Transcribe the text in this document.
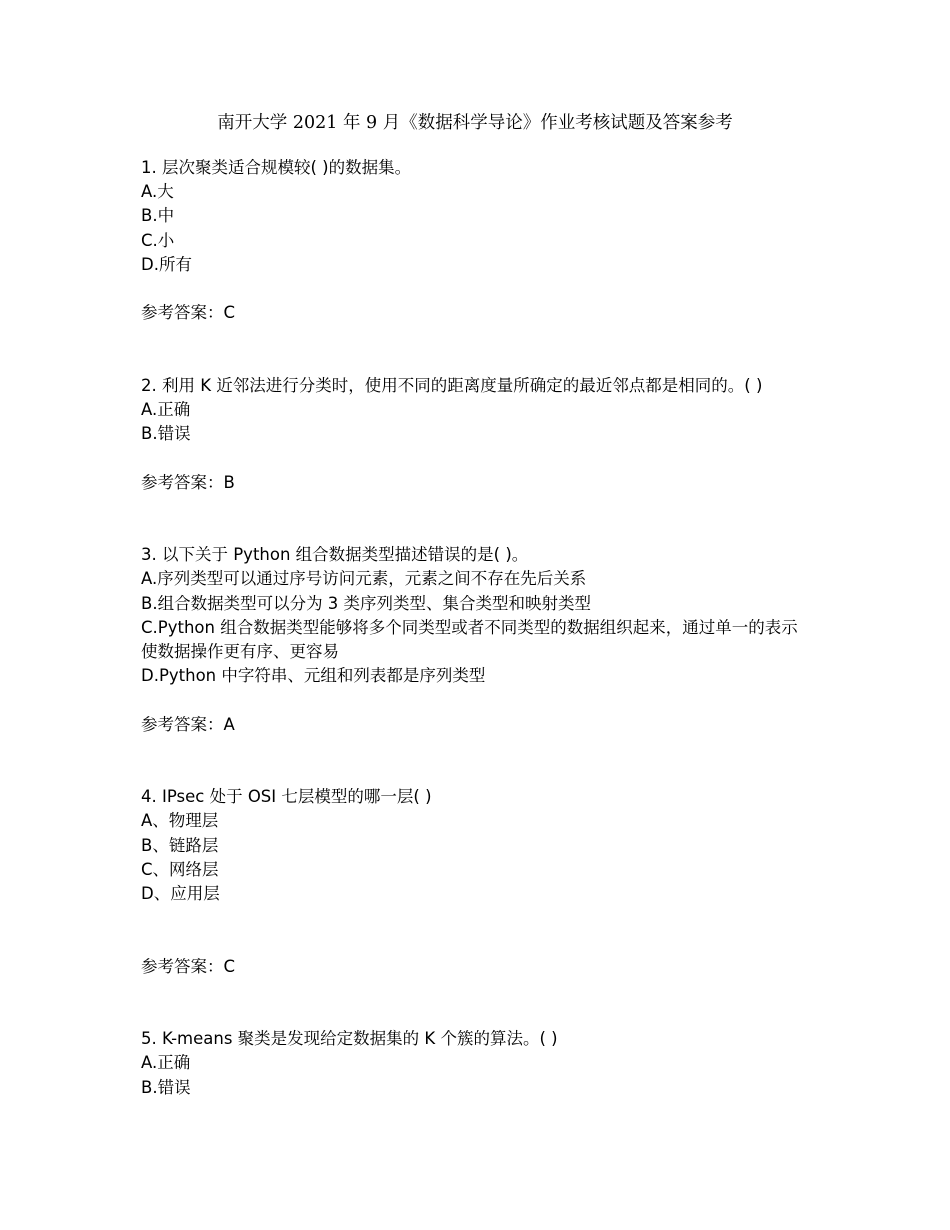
南开大学 2021 年 9 月《数据科学导论》作业考核试题及答案参考
1. 层次聚类适合规模较( )的数据集。
A.大
B.中
C.小
D.所有
参考答案：C
2. 利用 K 近邻法进行分类时，使用不同的距离度量所确定的最近邻点都是相同的。( )
A.正确
B.错误
参考答案：B
3. 以下关于 Python 组合数据类型描述错误的是( )。
A.序列类型可以通过序号访问元素，元素之间不存在先后关系
B.组合数据类型可以分为 3 类序列类型、集合类型和映射类型
C.Python 组合数据类型能够将多个同类型或者不同类型的数据组织起来，通过单一的表示使数据操作更有序、更容易
D.Python 中字符串、元组和列表都是序列类型
参考答案：A
4. IPsec 处于 OSI 七层模型的哪一层( )
A、物理层
B、链路层
C、网络层
D、应用层
参考答案：C
5. K-means 聚类是发现给定数据集的 K 个簇的算法。( )
A.正确
B.错误
